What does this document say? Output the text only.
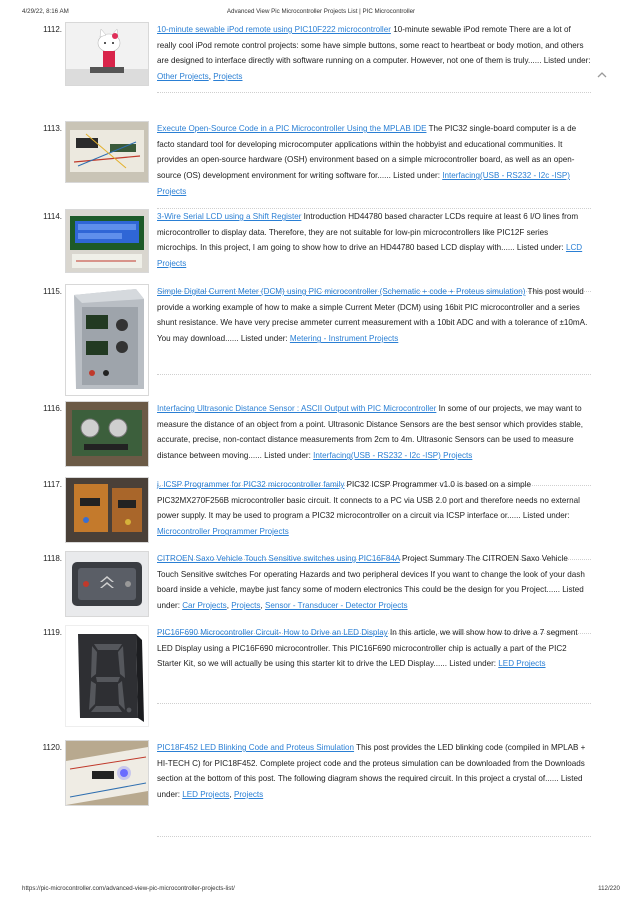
4/29/22, 8:16 AM	Advanced View Pic Microcontroller Projects List | PIC Microcontroller
1112.	10-minute sewable iPod remote using PIC10F222 microcontroller 10-minute sewable iPod remote There are a lot of really cool iPod remote control projects: some have simple buttons, some react to heartbeat or body motion, and others are designed to interface directly with software running on a computer. However, not one of them is truly...... Listed under: Other Projects, Projects
1113.	Execute Open-Source Code in a PIC Microcontroller Using the MPLAB IDE The PIC32 single-board computer is a de facto standard tool for developing microcomputer applications within the hobbyist and educational communities. It provides an open-source hardware (OSH) environment based on a simple microcontroller board, as well as an open-source (OS) development environment for writing software for...... Listed under: Interfacing(USB - RS232 - I2c -ISP) Projects
1114.	3-Wire Serial LCD using a Shift Register Introduction HD44780 based character LCDs require at least 6 I/O lines from microcontroller to display data. Therefore, they are not suitable for low-pin microcontrollers like PIC12F series microchips. In this project, I am going to show how to drive an HD44780 based LCD display with...... Listed under: LCD Projects
1115.	Simple Digital Current Meter (DCM) using PIC microcontroller (Schematic + code + Proteus simulation) This post would provide a working example of how to make a simple Current Meter (DCM) using 16bit PIC microcontroller and a series shunt resistance. We have very precise ammeter current measurement with a 10bit ADC and with a tolerance of ±10mA. You may download...... Listed under: Metering - Instrument Projects
1116.	Interfacing Ultrasonic Distance Sensor : ASCII Output with PIC Microcontroller In some of our projects, we may want to measure the distance of an object from a point. Ultrasonic Distance Sensors are the best sensor which provides stable, accurate, precise, non-contact distance measurements from 2cm to 4m. Ultrasonic Sensors can be used to measure distance between moving...... Listed under: Interfacing(USB - RS232 - I2c -ISP) Projects
1117.	j. ICSP Programmer for PIC32 microcontroller family PIC32 ICSP Programmer v1.0 is based on a simple PIC32MX270F256B microcontroller basic circuit. It connects to a PC via USB 2.0 port and therefore needs no external power supply. It may be used to program a PIC32 microcontroller on a circuit via ICSP interface or...... Listed under: Microcontroller Programmer Projects
1118.	CITROEN Saxo Vehicle Touch Sensitive switches using PIC16F84A Project Summary The CITROEN Saxo Vehicle Touch Sensitive switches For operating Hazards and two peripheral devices If you want to change the look of your dash board inside a vehicle, maybe just fancy some of modern electronics This could be the design for you Project...... Listed under: Car Projects, Projects, Sensor - Transducer - Detector Projects
1119.	PIC16F690 Microcontroller Circuit- How to Drive an LED Display In this article, we will show how to drive a 7 segment LED Display using a PIC16F690 microcontroller. This PIC16F690 microcontroller chip is actually a part of the PIC2 Starter Kit, so we will actually be using this starter kit to drive the LED Display...... Listed under: LED Projects
1120.	PIC18F452 LED Blinking Code and Proteus Simulation This post provides the LED blinking code (compiled in MPLAB + HI-TECH C) for PIC18F452. Complete project code and the proteus simulation can be downloaded from the Downloads section at the bottom of this post. The following diagram shows the required circuit. In this project a crystal of...... Listed under: LED Projects, Projects
https://pic-microcontroller.com/advanced-view-pic-microcontroller-projects-list/	112/220
